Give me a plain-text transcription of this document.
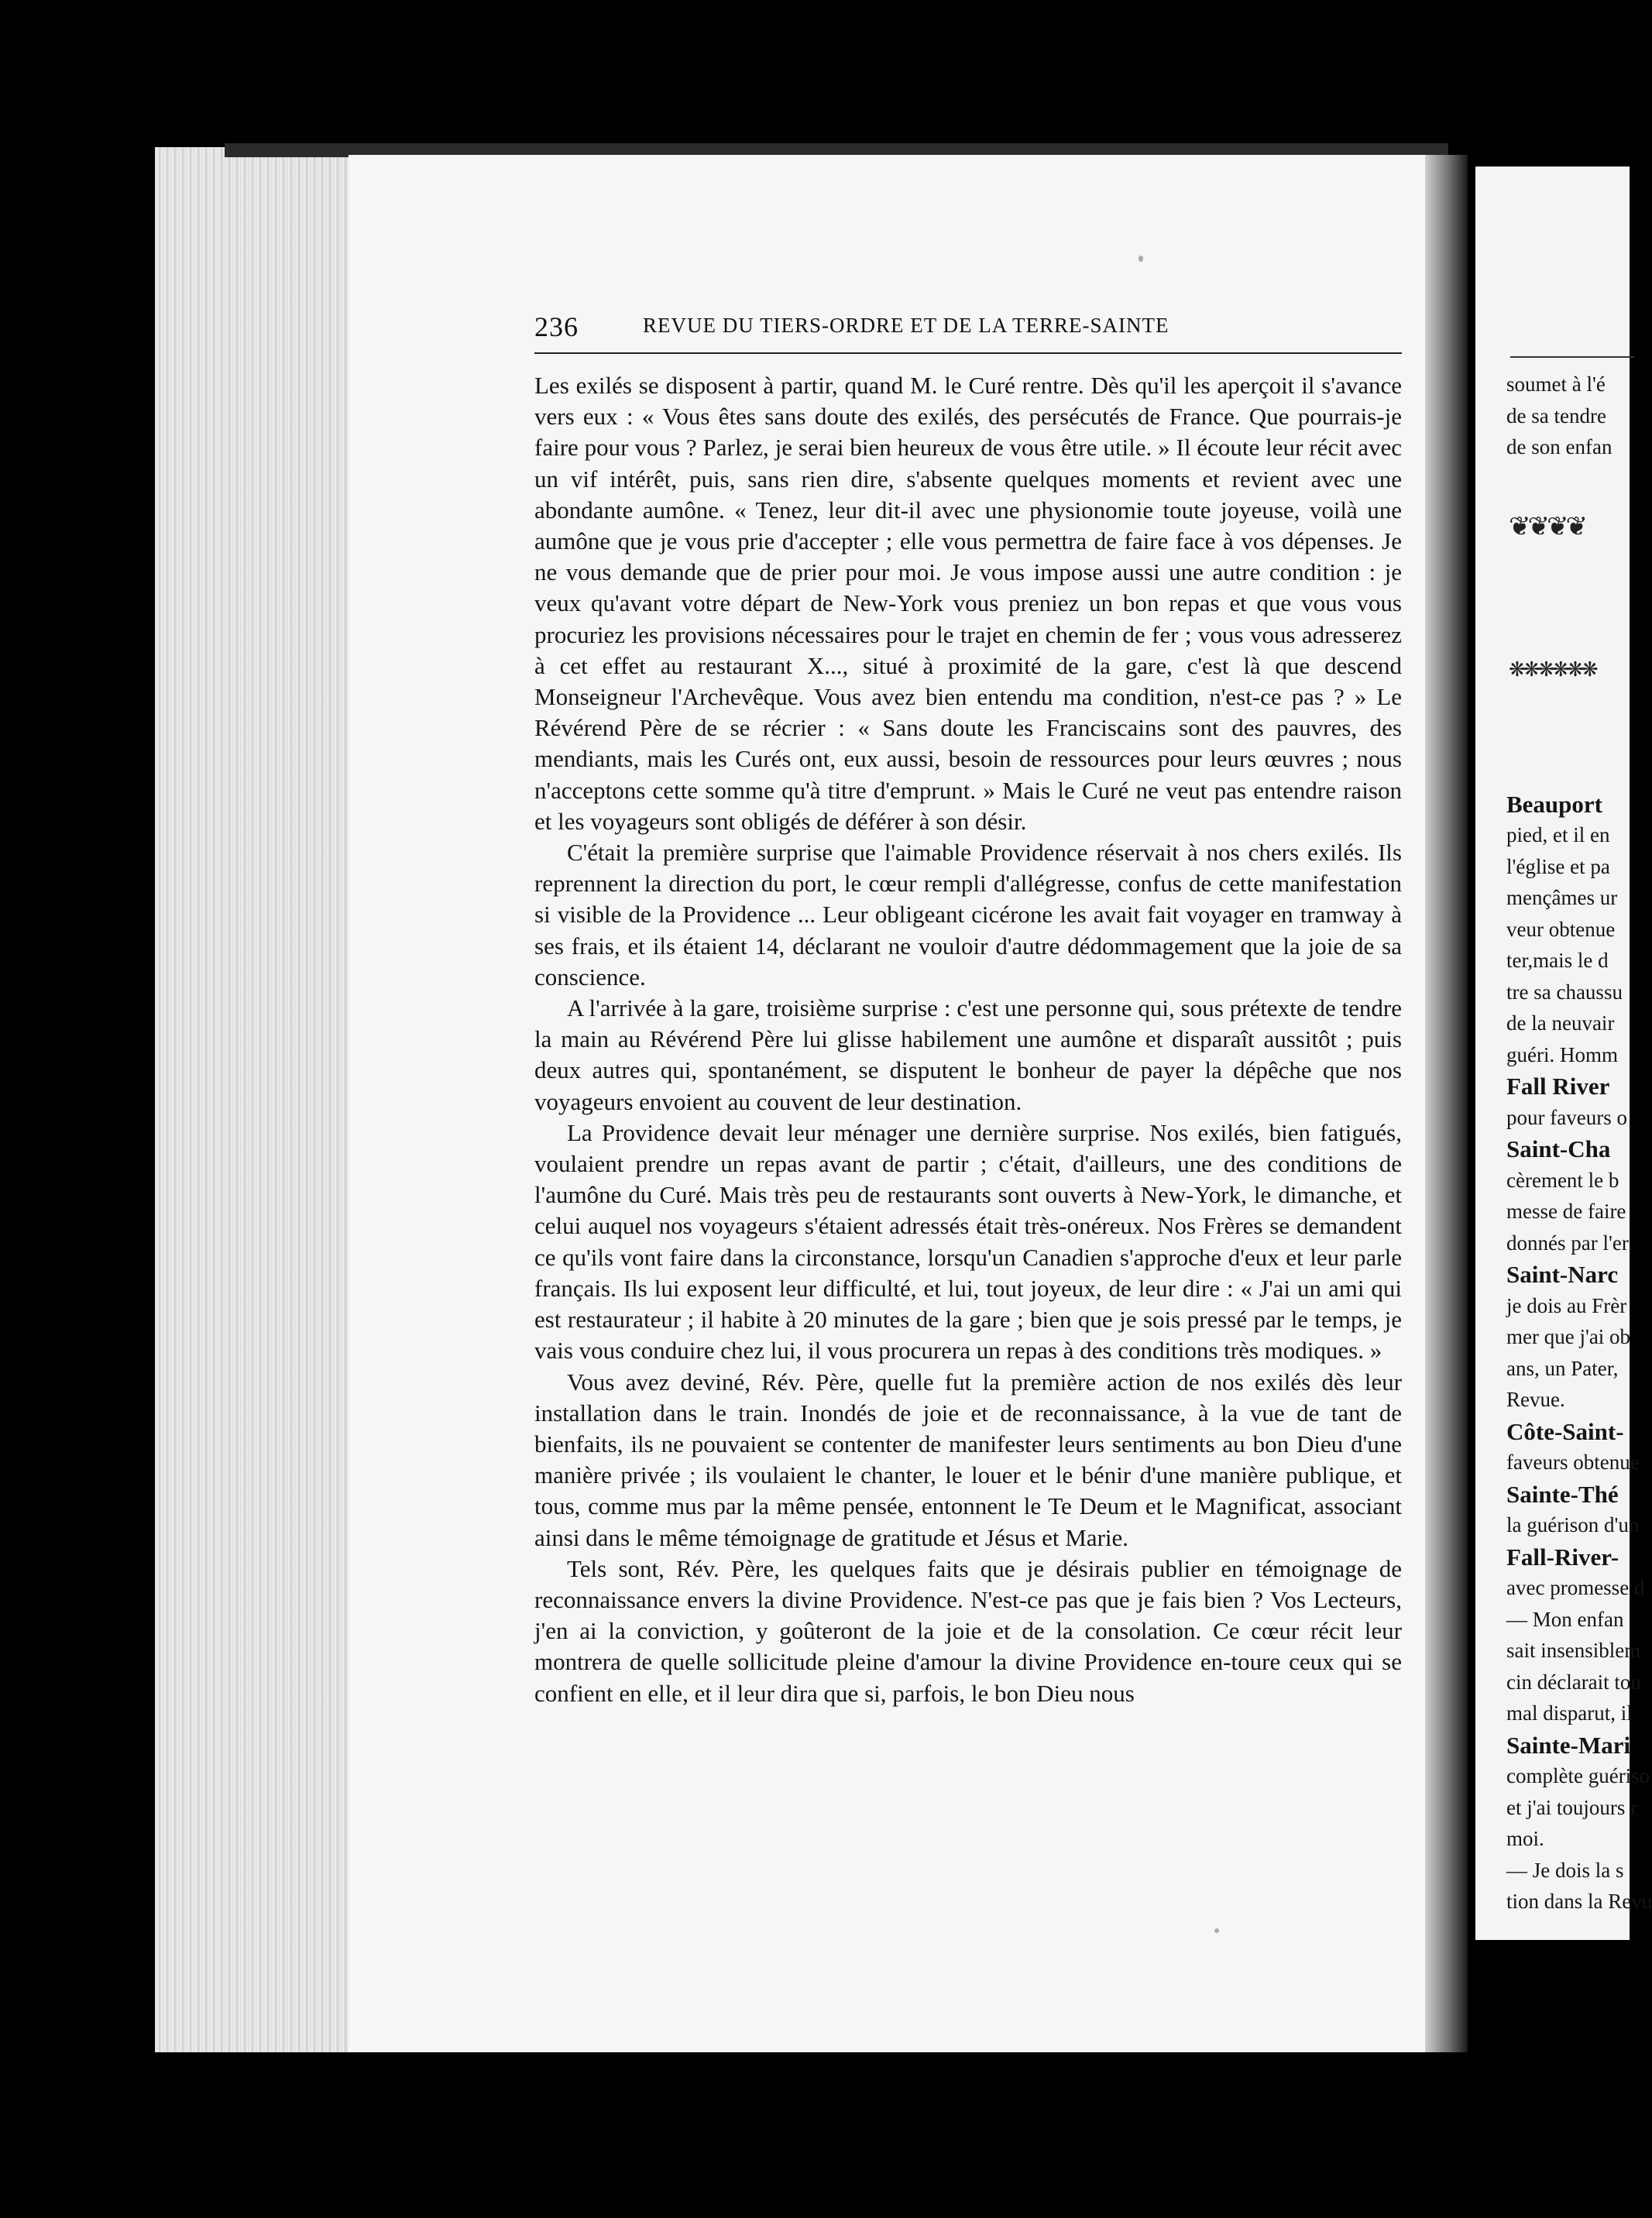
236	REVUE DU TIERS-ORDRE ET DE LA TERRE-SAINTE

Les exilés se disposent à partir, quand M. le Curé rentre. Dès qu'il les aperçoit il s'avance vers eux : « Vous êtes sans doute des exilés, des persécutés de France. Que pourrais-je faire pour vous ? Parlez, je serai bien heureux de vous être utile. » Il écoute leur récit avec un vif intérêt, puis, sans rien dire, s'absente quelques moments et revient avec une abondante aumône. « Tenez, leur dit-il avec une physionomie toute joyeuse, voilà une aumône que je vous prie d'accepter ; elle vous permettra de faire face à vos dépenses. Je ne vous demande que de prier pour moi. Je vous impose aussi une autre condition : je veux qu'avant votre départ de New-York vous preniez un bon repas et que vous vous procuriez les provisions nécessaires pour le trajet en chemin de fer ; vous vous adresserez à cet effet au restaurant X..., situé à proximité de la gare, c'est là que descend Monseigneur l'Archevêque. Vous avez bien entendu ma condition, n'est-ce pas ? » Le Révérend Père de se récrier : « Sans doute les Franciscains sont des pauvres, des mendiants, mais les Curés ont, eux aussi, besoin de ressources pour leurs œuvres ; nous n'acceptons cette somme qu'à titre d'emprunt. » Mais le Curé ne veut pas entendre raison et les voyageurs sont obligés de déférer à son désir.

C'était la première surprise que l'aimable Providence réservait à nos chers exilés. Ils reprennent la direction du port, le cœur rempli d'allégresse, confus de cette manifestation si visible de la Providence ... Leur obligeant cicérone les avait fait voyager en tramway à ses frais, et ils étaient 14, déclarant ne vouloir d'autre dédommagement que la joie de sa conscience.

A l'arrivée à la gare, troisième surprise : c'est une personne qui, sous prétexte de tendre la main au Révérend Père lui glisse habilement une aumône et disparaît aussitôt ; puis deux autres qui, spontanément, se disputent le bonheur de payer la dépêche que nos voyageurs envoient au couvent de leur destination.

La Providence devait leur ménager une dernière surprise. Nos exilés, bien fatigués, voulaient prendre un repas avant de partir ; c'était, d'ailleurs, une des conditions de l'aumône du Curé. Mais très peu de restaurants sont ouverts à New-York, le dimanche, et celui auquel nos voyageurs s'étaient adressés était très-onéreux. Nos Frères se demandent ce qu'ils vont faire dans la circonstance, lorsqu'un Canadien s'approche d'eux et leur parle français. Ils lui exposent leur difficulté, et lui, tout joyeux, de leur dire : « J'ai un ami qui est restaurateur ; il habite à 20 minutes de la gare ; bien que je sois pressé par le temps, je vais vous conduire chez lui, il vous procurera un repas à des conditions très modiques. »

Vous avez deviné, Rév. Père, quelle fut la première action de nos exilés dès leur installation dans le train. Inondés de joie et de reconnaissance, à la vue de tant de bienfaits, ils ne pouvaient se contenter de manifester leurs sentiments au bon Dieu d'une manière privée ; ils voulaient le chanter, le louer et le bénir d'une manière publique, et tous, comme mus par la même pensée, entonnent le Te Deum et le Magnificat, associant ainsi dans le même témoignage de gratitude et Jésus et Marie.

Tels sont, Rév. Père, les quelques faits que je désirais publier en témoignage de reconnaissance envers la divine Providence. N'est-ce pas que je fais bien ? Vos Lecteurs, j'en ai la conviction, y goûteront de la joie et de la consolation. Ce cœur récit leur montrera de quelle sollicitude pleine d'amour la divine Providence en-toure ceux qui se confient en elle, et il leur dira que si, parfois, le bon Dieu nous

❦❦❦❦
❋❋❋❋❋❋
soumet à l'é
de sa tendre
de son enfan
Beauport
pied, et il en
l'église et pa
mençâmes ur
veur obtenue
ter,mais le d
tre sa chaussu
de la neuvair
guéri. Homm
Fall River
pour faveurs o
Saint-Cha
cèrement le b
messe de faire
donnés par l'er
Saint-Narc
je dois au Frèr
mer que j'ai ob
ans, un Pater,
Revue.
Côte-Saint-
faveurs obtenue
Sainte-Thé
la guérison d'un
Fall-River-
avec promesse d
— Mon enfan
sait insensiblem
cin déclarait tou
mal disparut, il
Sainte-Mari
complète guériso
et j'ai toujours r
moi.
— Je dois la s
tion dans la Revu
